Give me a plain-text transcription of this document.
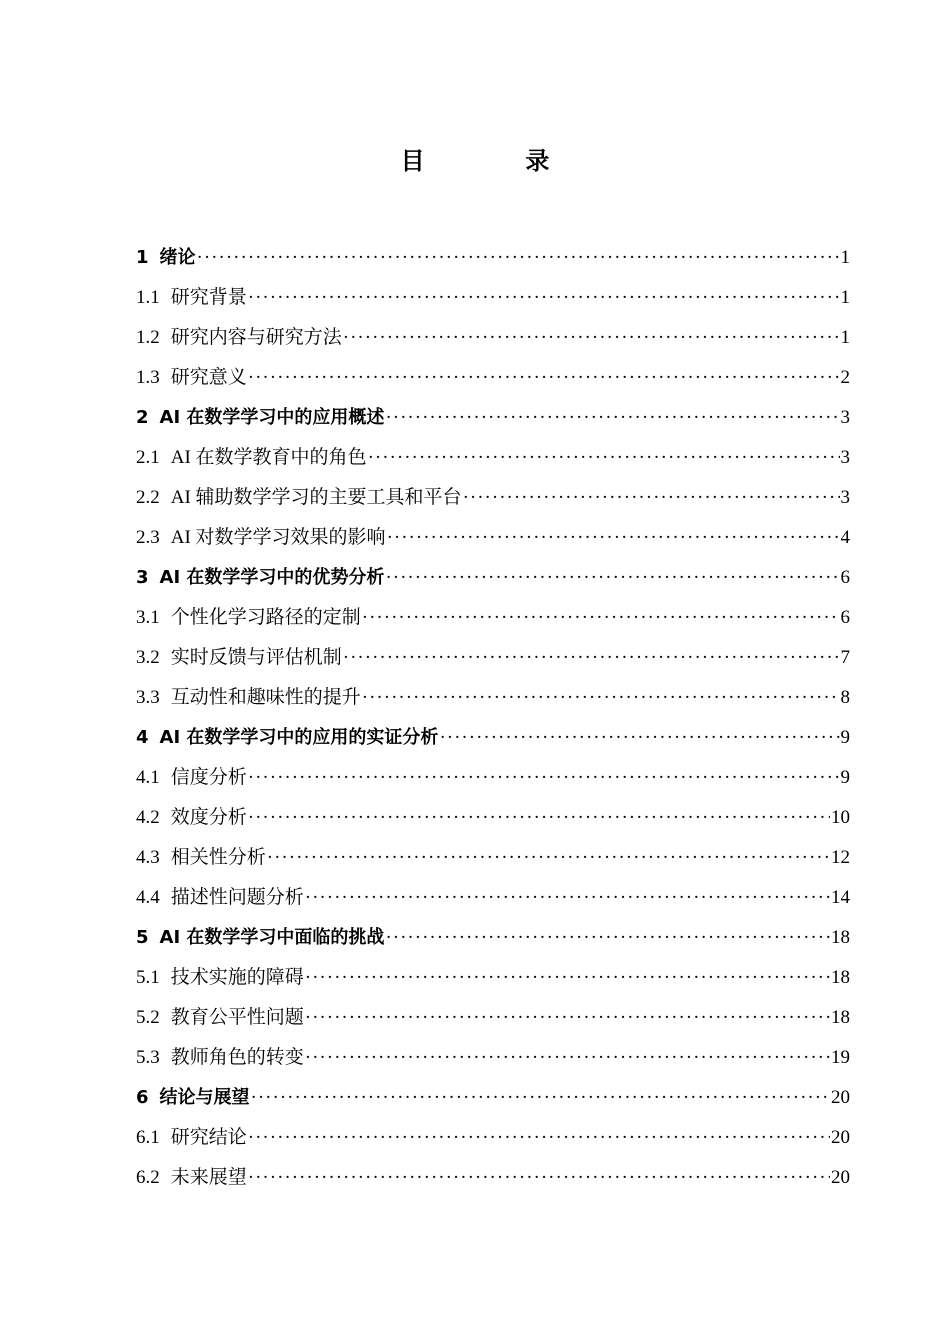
目　录
1 绪论 ·····	1
1.1 研究背景 ·····	1
1.2 研究内容与研究方法 ·····	1
1.3 研究意义 ·····	2
2 AI 在数学学习中的应用概述 ·····	3
2.1 AI 在数学教育中的角色 ·····	3
2.2 AI 辅助数学学习的主要工具和平台 ·····	3
2.3 AI 对数学学习效果的影响 ·····	4
3 AI 在数学学习中的优势分析 ·····	6
3.1 个性化学习路径的定制 ·····	6
3.2 实时反馈与评估机制 ·····	7
3.3 互动性和趣味性的提升 ·····	8
4 AI 在数学学习中的应用的实证分析 ·····	9
4.1 信度分析 ·····	9
4.2 效度分析 ·····	10
4.3 相关性分析 ·····	12
4.4 描述性问题分析 ·····	14
5 AI 在数学学习中面临的挑战 ·····	18
5.1 技术实施的障碍 ·····	18
5.2 教育公平性问题 ·····	18
5.3 教师角色的转变 ·····	19
6 结论与展望 ·····	20
6.1 研究结论 ·····	20
6.2 未来展望 ·····	20
